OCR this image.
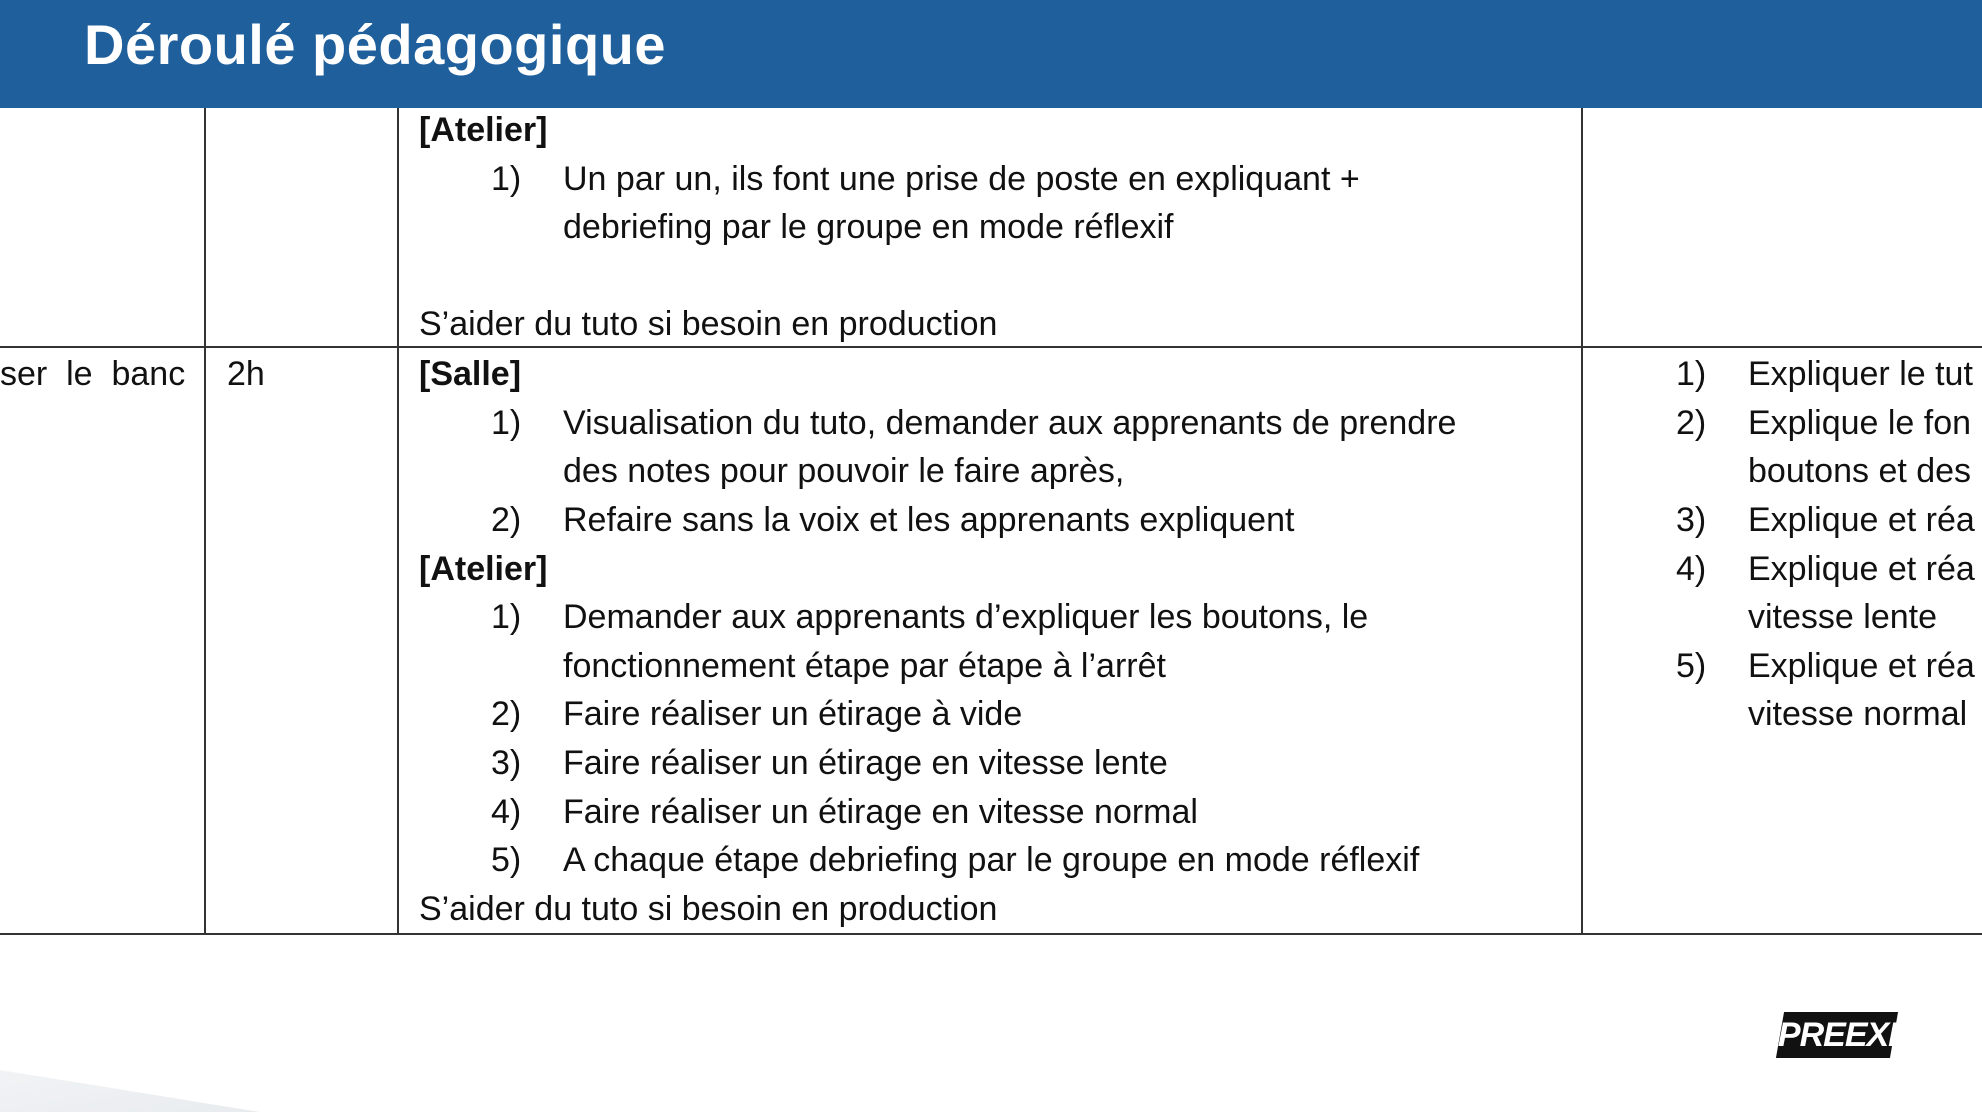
Déroulé pédagogique
[Atelier]
1) Un par un, ils font une prise de poste en expliquant +
debriefing par le groupe en mode réflexif
S’aider du tuto si besoin en production
ser  le  banc 2h	[Salle]
1) Visualisation du tuto, demander aux apprenants de prendre
des notes pour pouvoir le faire après,
2) Refaire sans la voix et les apprenants expliquent
[Atelier]
1) Demander aux apprenants d’expliquer les boutons, le
fonctionnement étape par étape à l’arrêt
2) Faire réaliser un étirage à vide
3) Faire réaliser un étirage en vitesse lente
4) Faire réaliser un étirage en vitesse normal
5) A chaque étape debriefing par le groupe en mode réflexif
S’aider du tuto si besoin en production
1) Expliquer le tut
2) Explique le fon
boutons et des
3) Explique et réa
4) Explique et réa
vitesse lente
5) Explique et réa
vitesse normal
PREEXI
